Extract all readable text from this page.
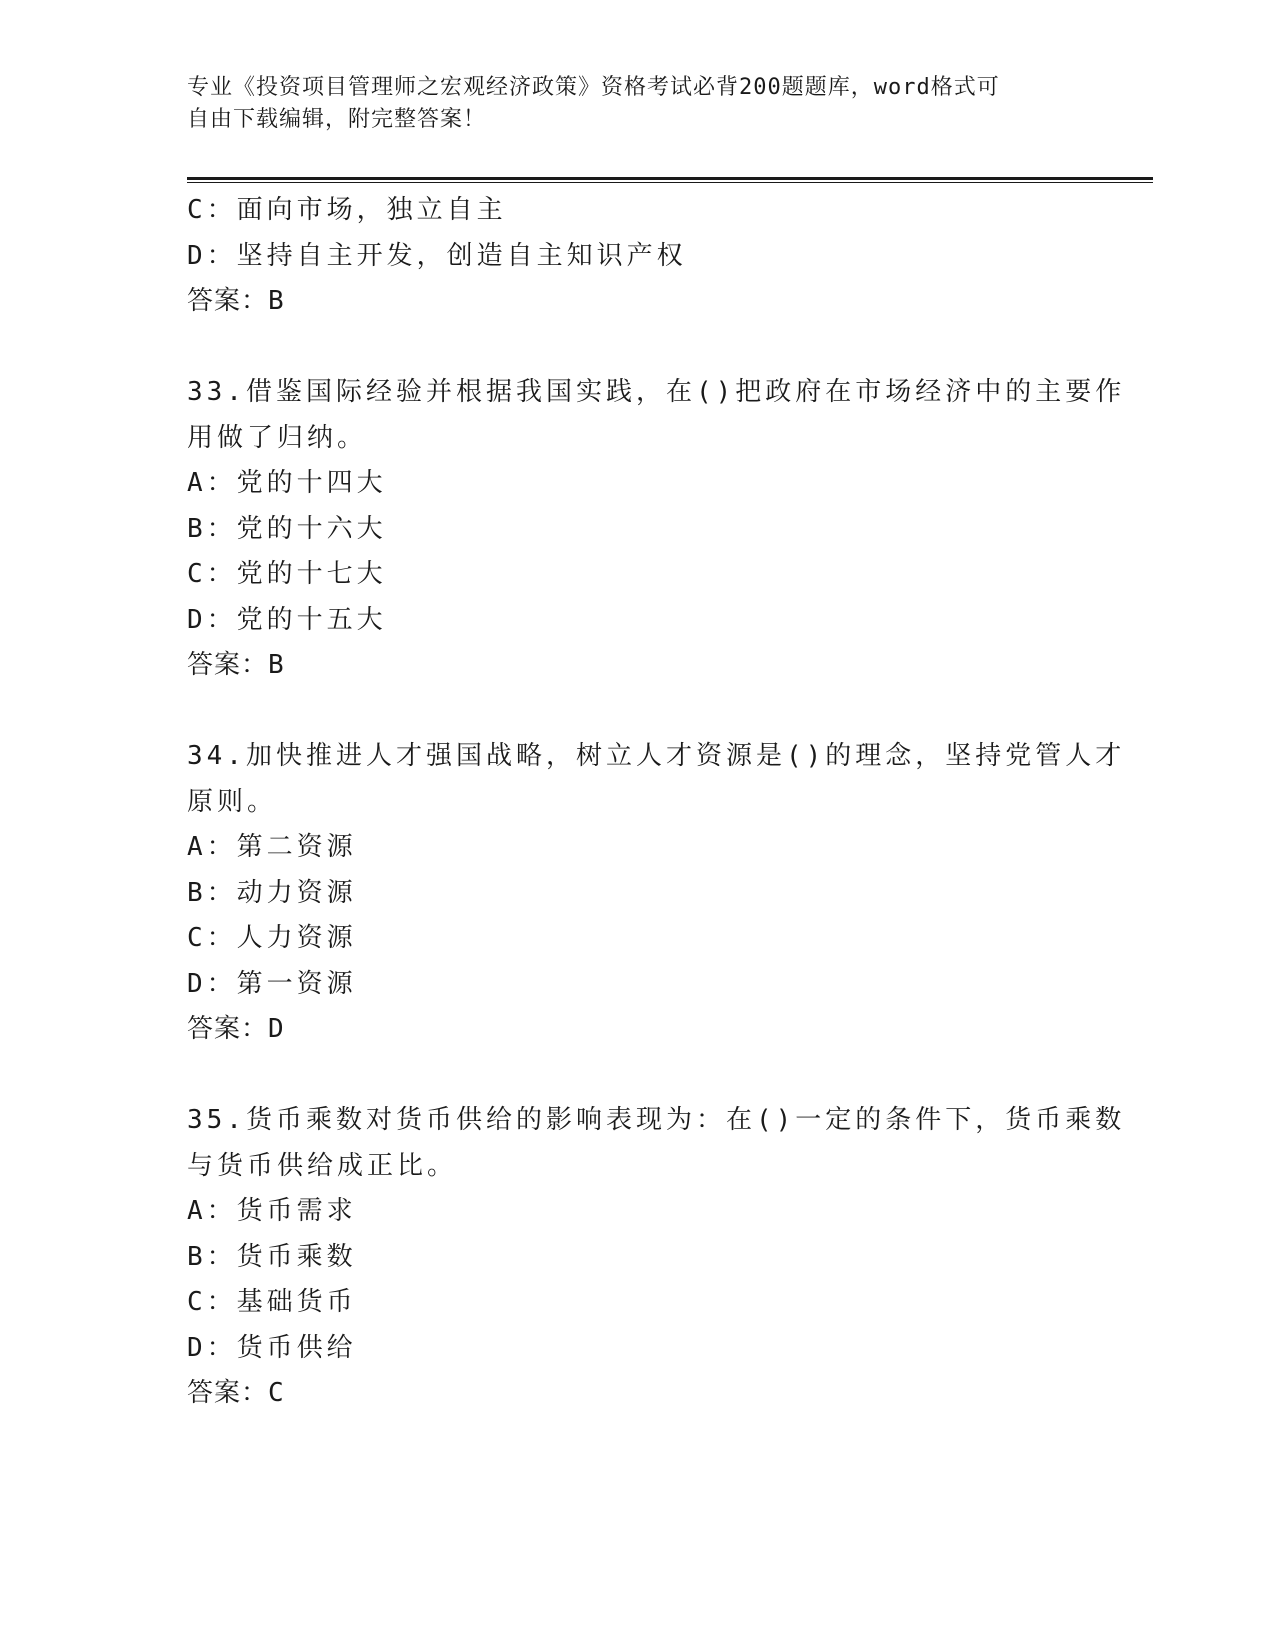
专业《投资项目管理师之宏观经济政策》资格考试必背200题题库，word格式可
自由下载编辑，附完整答案！
C：面向市场，独立自主
D：坚持自主开发，创造自主知识产权
答案：B
33.借鉴国际经验并根据我国实践，在()把政府在市场经济中的主要作
用做了归纳。
A：党的十四大
B：党的十六大
C：党的十七大
D：党的十五大
答案：B
34.加快推进人才强国战略，树立人才资源是()的理念，坚持党管人才
原则。
A：第二资源
B：动力资源
C：人力资源
D：第一资源
答案：D
35.货币乘数对货币供给的影响表现为：在()一定的条件下，货币乘数
与货币供给成正比。
A：货币需求
B：货币乘数
C：基础货币
D：货币供给
答案：C
